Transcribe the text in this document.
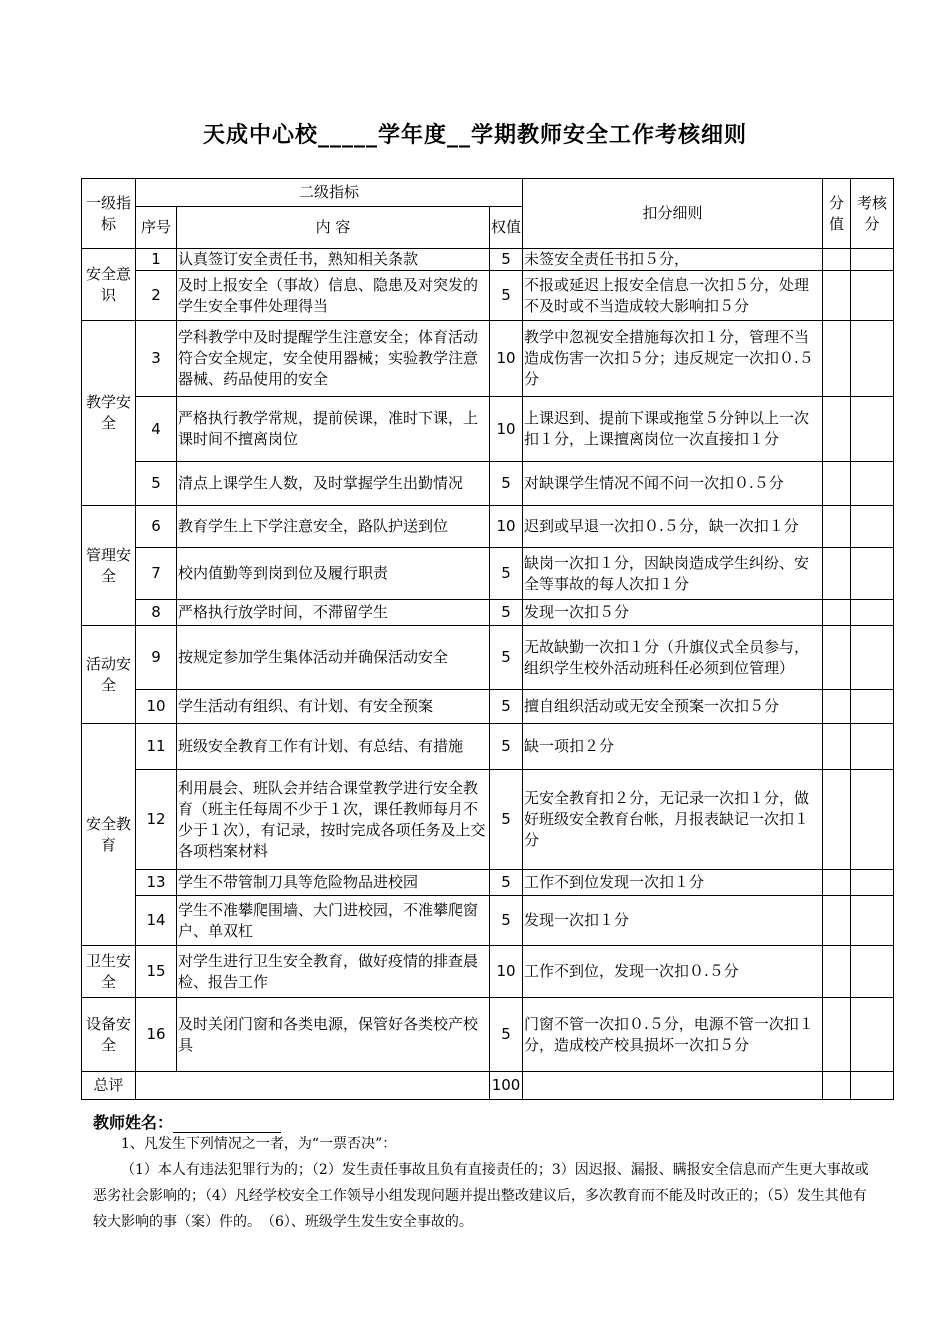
天成中心校_____学年度__学期教师安全工作考核细则
一级指标	二级指标			扣分细则	分值	考核分
	序号	内 容	权值			
安全意识	1	认真签订安全责任书，熟知相关条款	5	未签安全责任书扣５分，		
	2	及时上报安全（事故）信息、隐患及对突发的学生安全事件处理得当	5	不报或延迟上报安全信息一次扣５分，处理不及时或不当造成较大影响扣５分		
教学安全	3	学科教学中及时提醒学生注意安全；体育活动符合安全规定，安全使用器械；实验教学注意器械、药品使用的安全	10	教学中忽视安全措施每次扣１分，管理不当造成伤害一次扣５分；违反规定一次扣０.５分		
	4	严格执行教学常规，提前侯课，准时下课，上课时间不擅离岗位	10	上课迟到、提前下课或拖堂５分钟以上一次扣１分，上课擅离岗位一次直接扣１分		
	5	清点上课学生人数，及时掌握学生出勤情况	5	对缺课学生情况不闻不问一次扣０.５分		
管理安全	6	教育学生上下学注意安全，路队护送到位	10	迟到或早退一次扣０.５分，缺一次扣１分		
	7	校内值勤等到岗到位及履行职责	5	缺岗一次扣１分，因缺岗造成学生纠纷、安全等事故的每人次扣１分		
	8	严格执行放学时间，不滞留学生	5	发现一次扣５分		
活动安全	9	按规定参加学生集体活动并确保活动安全	5	无故缺勤一次扣１分（升旗仪式全员参与，组织学生校外活动班科任必须到位管理）		
	10	学生活动有组织、有计划、有安全预案	5	擅自组织活动或无安全预案一次扣５分		
安全教育	11	班级安全教育工作有计划、有总结、有措施	5	缺一项扣２分		
	12	利用晨会、班队会并结合课堂教学进行安全教育（班主任每周不少于１次，课任教师每月不少于１次），有记录，按时完成各项任务及上交各项档案材料	5	无安全教育扣２分，无记录一次扣１分，做好班级安全教育台帐，月报表缺记一次扣１分		
	13	学生不带管制刀具等危险物品进校园	5	工作不到位发现一次扣１分		
	14	学生不准攀爬围墙、大门进校园，不准攀爬窗户、单双杠	5	发现一次扣１分		
卫生安全	15	对学生进行卫生安全教育，做好疫情的排查晨检、报告工作	10	工作不到位，发现一次扣０.５分		
设备安全	16	及时关闭门窗和各类电源，保管好各类校产校具	5	门窗不管一次扣０.５分，电源不管一次扣１分，造成校产校具损坏一次扣５分		
总评			100			
教师姓名：
1、凡发生下列情况之一者，为“一票否决”：
（1）本人有违法犯罪行为的；（2）发生责任事故且负有直接责任的；3）因迟报、漏报、瞒报安全信息而产生更大事故或恶劣社会影响的；（4）凡经学校安全工作领导小组发现问题并提出整改建议后，多次教育而不能及时改正的；（5）发生其他有较大影响的事（案）件的。　（6）、班级学生发生安全事故的。
